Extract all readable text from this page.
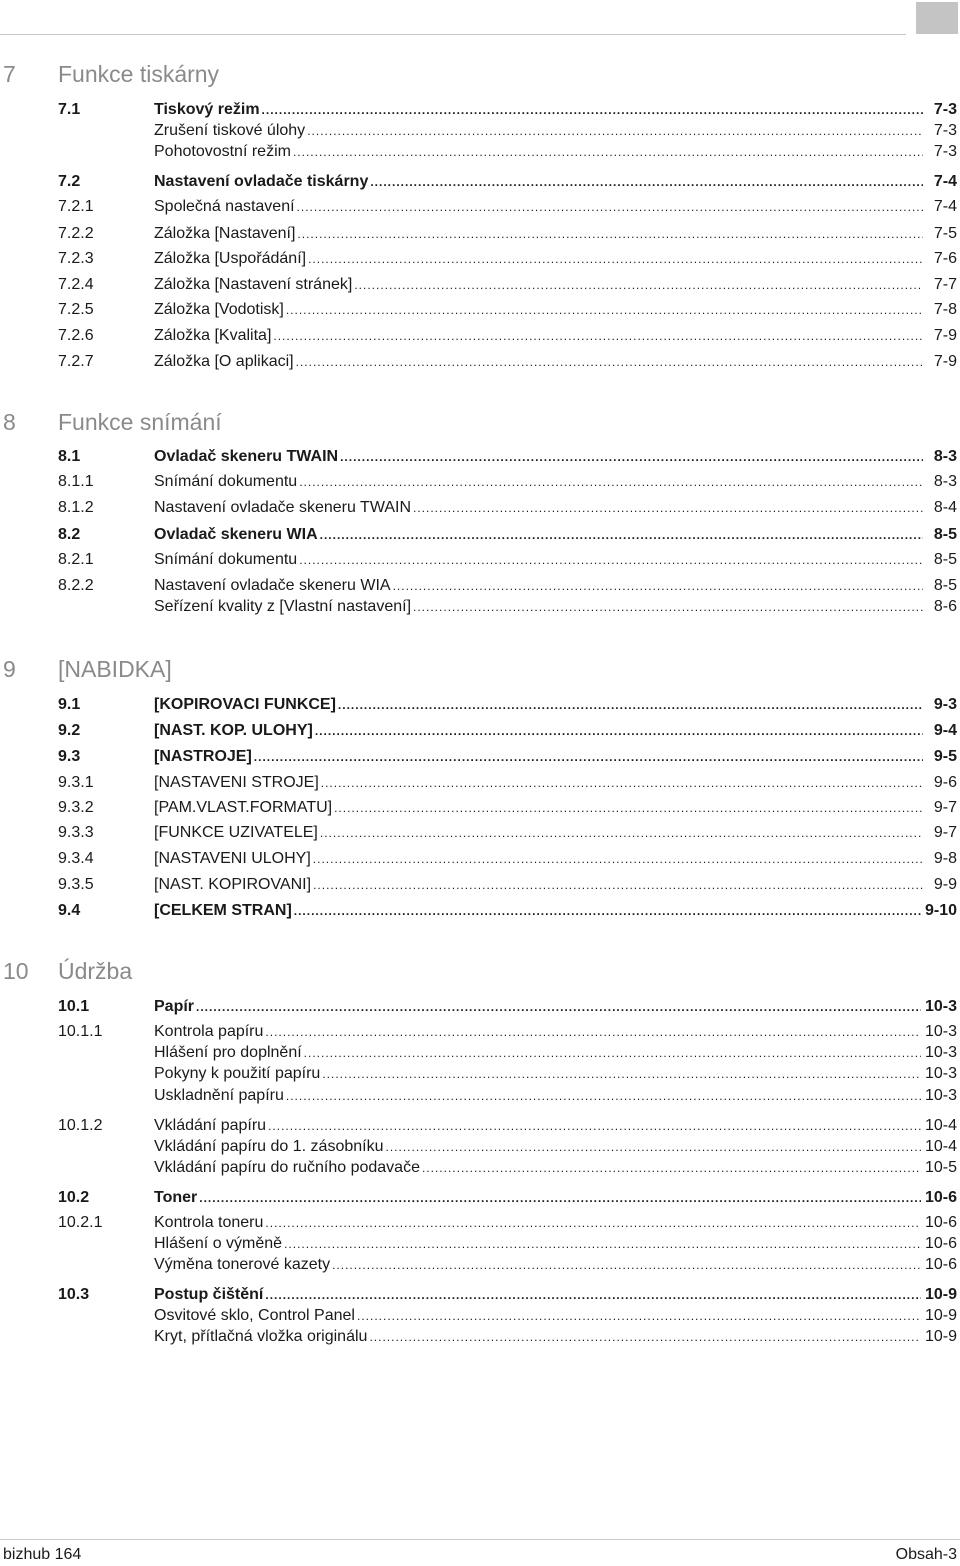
7 Funkce tiskárny
7.1	Tiskový režim .....	7-3
Zrušení tiskové úlohy .....	7-3
Pohotovostní režim .....	7-3
7.2	Nastavení ovladače tiskárny .....	7-4
7.2.1	Společná nastavení .....	7-4
7.2.2	Záložka [Nastavení] .....	7-5
7.2.3	Záložka [Uspořádání] .....	7-6
7.2.4	Záložka [Nastavení stránek] .....	7-7
7.2.5	Záložka [Vodotisk] .....	7-8
7.2.6	Záložka [Kvalita] .....	7-9
7.2.7	Záložka [O aplikaci] .....	7-9
8 Funkce snímání
8.1	Ovladač skeneru TWAIN .....	8-3
8.1.1	Snímání dokumentu .....	8-3
8.1.2	Nastavení ovladače skeneru TWAIN .....	8-4
8.2	Ovladač skeneru WIA .....	8-5
8.2.1	Snímání dokumentu .....	8-5
8.2.2	Nastavení ovladače skeneru WIA .....	8-5
Seřízení kvality z [Vlastní nastavení] .....	8-6
9 [NABIDKA]
9.1	[KOPIROVACI FUNKCE] .....	9-3
9.2	[NAST. KOP. ULOHY] .....	9-4
9.3	[NASTROJE] .....	9-5
9.3.1	[NASTAVENI STROJE] .....	9-6
9.3.2	[PAM.VLAST.FORMATU] .....	9-7
9.3.3	[FUNKCE UZIVATELE] .....	9-7
9.3.4	[NASTAVENI ULOHY] .....	9-8
9.3.5	[NAST. KOPIROVANI] .....	9-9
9.4	[CELKEM STRAN] .....	9-10
10 Údržba
10.1	Papír .....	10-3
10.1.1	Kontrola papíru .....	10-3
Hlášení pro doplnění .....	10-3
Pokyny k použití papíru .....	10-3
Uskladnění papíru .....	10-3
10.1.2	Vkládání papíru .....	10-4
Vkládání papíru do 1. zásobníku .....	10-4
Vkládání papíru do ručního podavače .....	10-5
10.2	Toner .....	10-6
10.2.1	Kontrola toneru .....	10-6
Hlášení o výměně .....	10-6
Výměna tonerové kazety .....	10-6
10.3	Postup čištění .....	10-9
Osvitové sklo, Control Panel .....	10-9
Kryt, přítlačná vložka originálu .....	10-9
bizhub 164	Obsah-3
